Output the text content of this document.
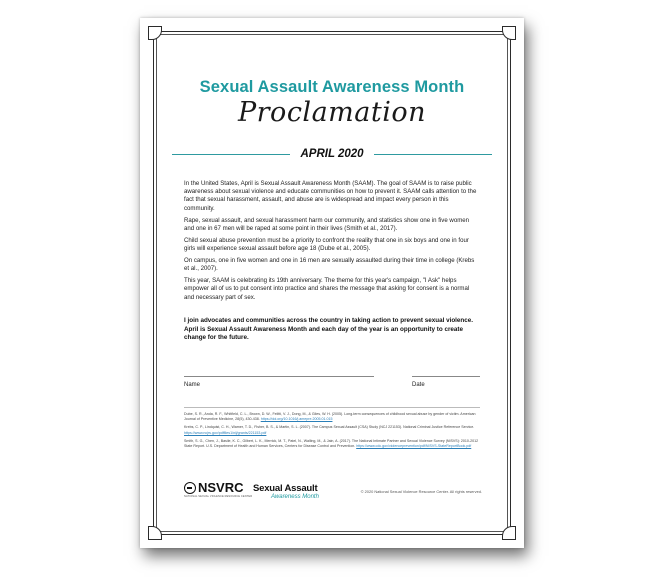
Sexual Assault Awareness Month
Proclamation
APRIL 2020

In the United States, April is Sexual Assault Awareness Month (SAAM). The goal of SAAM is to raise public awareness about sexual violence and educate communities on how to prevent it. SAAM calls attention to the fact that sexual harassment, assault, and abuse are is widespread and impact every person in this community.

Rape, sexual assault, and sexual harassment harm our community, and statistics show one in five women and one in 67 men will be raped at some point in their lives (Smith et al., 2017).

Child sexual abuse prevention must be a priority to confront the reality that one in six boys and one in four girls will experience sexual assault before age 18 (Dube et al., 2005).

On campus, one in five women and one in 16 men are sexually assaulted during their time in college (Krebs et al., 2007).

This year, SAAM is celebrating its 19th anniversary. The theme for this year's campaign, "I Ask" helps empower all of us to put consent into practice and shares the message that asking for consent is a normal and necessary part of sex.

I join advocates and communities across the country in taking action to prevent sexual violence. April is Sexual Assault Awareness Month and each day of the year is an opportunity to create change for the future.
Name	Date

Dube, S. R., Anda, R. F., Whitfield, C. L., Brown, D. W., Felitti, V. J., Dong, M., & Giles, W. H. (2005). Long-term consequences of childhood sexual abuse by gender of victim. American Journal of Preventive Medicine, 28(5), 430-438. https://doi.org/10.1016/j.amepre.2005.01.015

Krebs, C. P., Lindquist, C. H., Warner, T. D., Fisher, B. S., & Martin, S. L. (2007). The Campus Sexual Assault (CSA) Study (NCJ 221153). National Criminal Justice Reference Service. https://www.ncjrs.gov/pdffiles1/nij/grants/221153.pdf

Smith, S. G., Chen, J., Basile, K. C., Gilbert, L. K., Merrick, M. T., Patel, N., Walling, M., & Jain, A. (2017). The National Intimate Partner and Sexual Violence Survey (NISVS): 2010-2012 State Report. U.S. Department of Health and Human Services, Centers for Disease Control and Prevention. https://www.cdc.gov/violenceprevention/pdf/NISVS-StateReportBook.pdf

NSVRC
NATIONAL SEXUAL VIOLENCE RESOURCE CENTER
Sexual Assault
Awareness Month
© 2020 National Sexual Violence Resource Center. All rights reserved.
